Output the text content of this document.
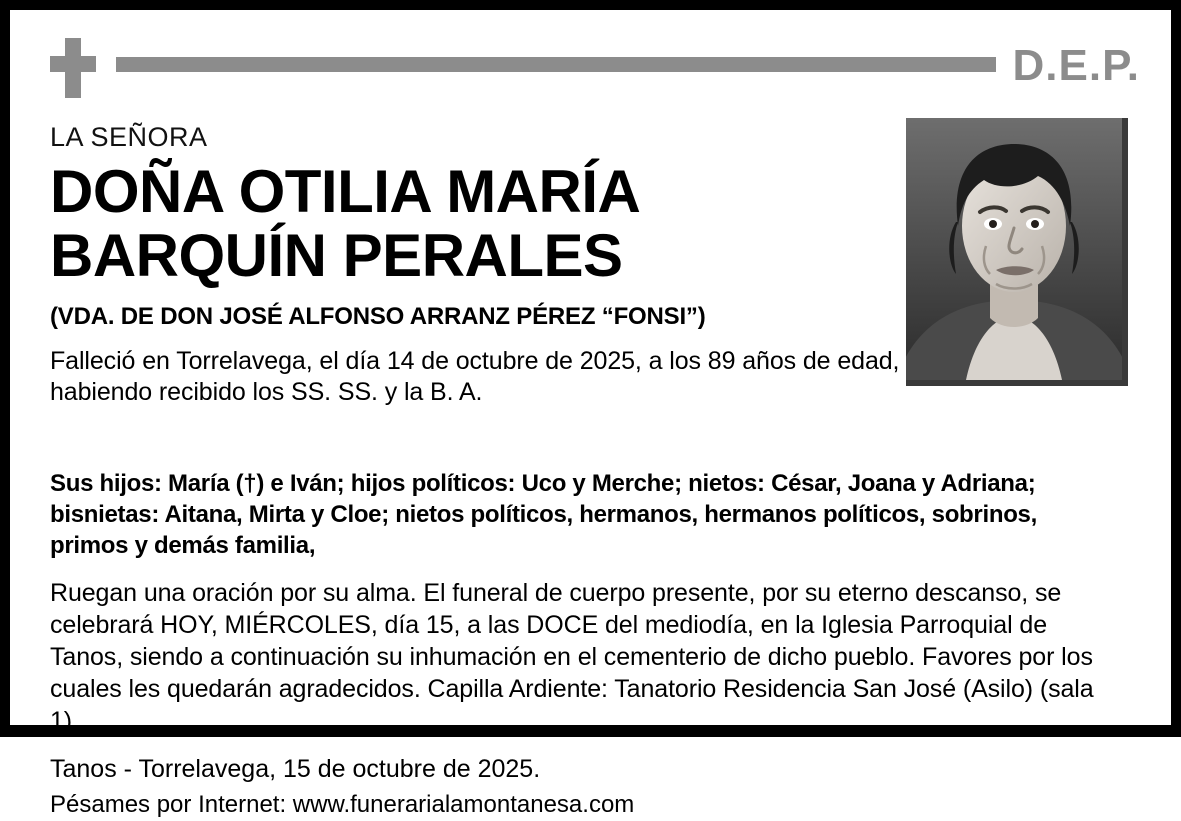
D.E.P.

LA SEÑORA

DOÑA OTILIA MARÍA
BARQUÍN PERALES

(VDA. DE DON JOSÉ ALFONSO ARRANZ PÉREZ “FONSI”)

Falleció en Torrelavega, el día 14 de octubre de 2025, a los 89 años de edad, habiendo recibido los SS. SS. y la B. A.

Sus hijos: María (†) e Iván; hijos políticos: Uco y Merche; nietos: César, Joana y Adriana; bisnietas: Aitana, Mirta y Cloe; nietos políticos, hermanos, hermanos políticos, sobrinos, primos y demás familia,

Ruegan una oración por su alma. El funeral de cuerpo presente, por su eterno descanso, se celebrará HOY, MIÉRCOLES, día 15, a las DOCE del mediodía, en la Iglesia Parroquial de Tanos, siendo a continuación su inhumación en el cementerio de dicho pueblo. Favores por los cuales les quedarán agradecidos. Capilla Ardiente: Tanatorio Residencia San José (Asilo) (sala 1).

Tanos - Torrelavega, 15 de octubre de 2025.

Pésames por Internet: www.funerarialamontanesa.com
